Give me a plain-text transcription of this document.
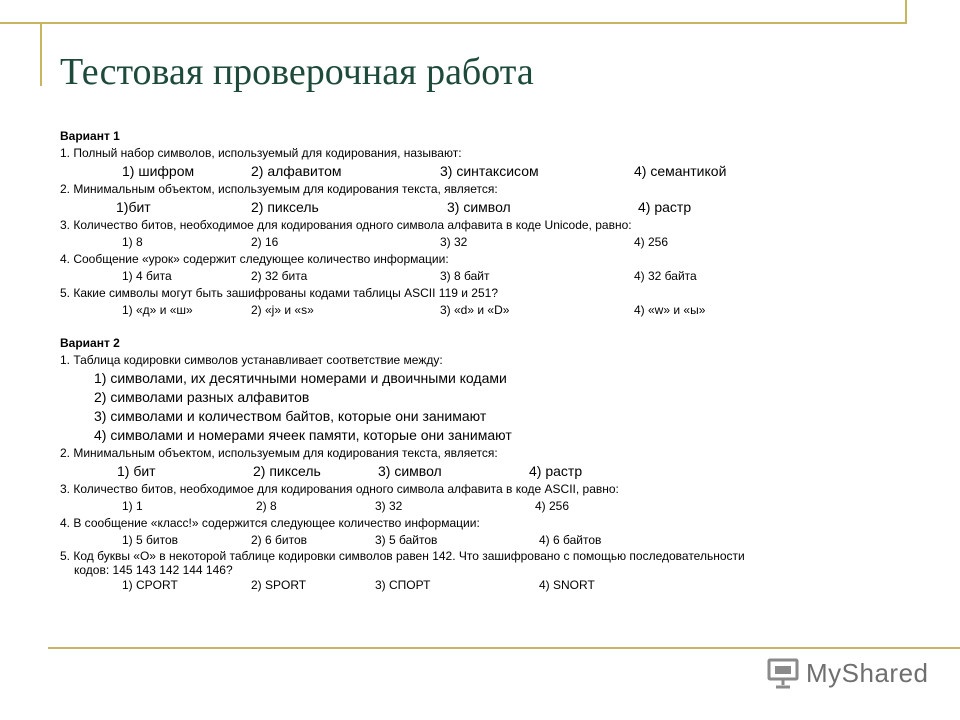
Тестовая проверочная работа
Вариант 1
1. Полный набор символов, используемый для кодирования, называют:
1) шифром	2) алфавитом	3) синтаксисом	4) семантикой
2. Минимальным объектом, используемым для кодирования текста, является:
1)бит	2) пиксель	3) символ	4) растр
3. Количество битов, необходимое для кодирования одного символа алфавита в коде Unicode, равно:
1) 8	2) 16	3) 32	4) 256
4. Сообщение «урок» содержит следующее количество информации:
1) 4 бита	2) 32 бита	3) 8 байт	4) 32 байта
5. Какие символы могут быть зашифрованы кодами таблицы ASCII 119 и 251?
1) «д» и «ш»	2) «j» и «s»	3) «d» и «D»	4) «w» и «ы»
Вариант 2
1. Таблица кодировки символов устанавливает соответствие между:
1) символами, их десятичными номерами и двоичными кодами
2) символами разных алфавитов
3) символами и количеством байтов, которые они занимают
4) символами и номерами ячеек памяти, которые они занимают
2. Минимальным объектом, используемым для кодирования текста, является:
1) бит	2) пиксель	3) символ	4) растр
3. Количество битов, необходимое для кодирования одного символа алфавита в коде ASCII, равно:
1) 1	2) 8	3) 32	4) 256
4. В сообщение «класс!» содержится следующее количество информации:
1) 5 битов	2) 6 битов	3) 5 байтов	4) 6 байтов
5. Код буквы «О» в некоторой таблице кодировки символов равен 142. Что зашифровано с помощью последовательности
кодов: 145 143 142 144 146?
1) CPORT	2) SPORT	3) СПОРТ	4) SNORT
MyShared
